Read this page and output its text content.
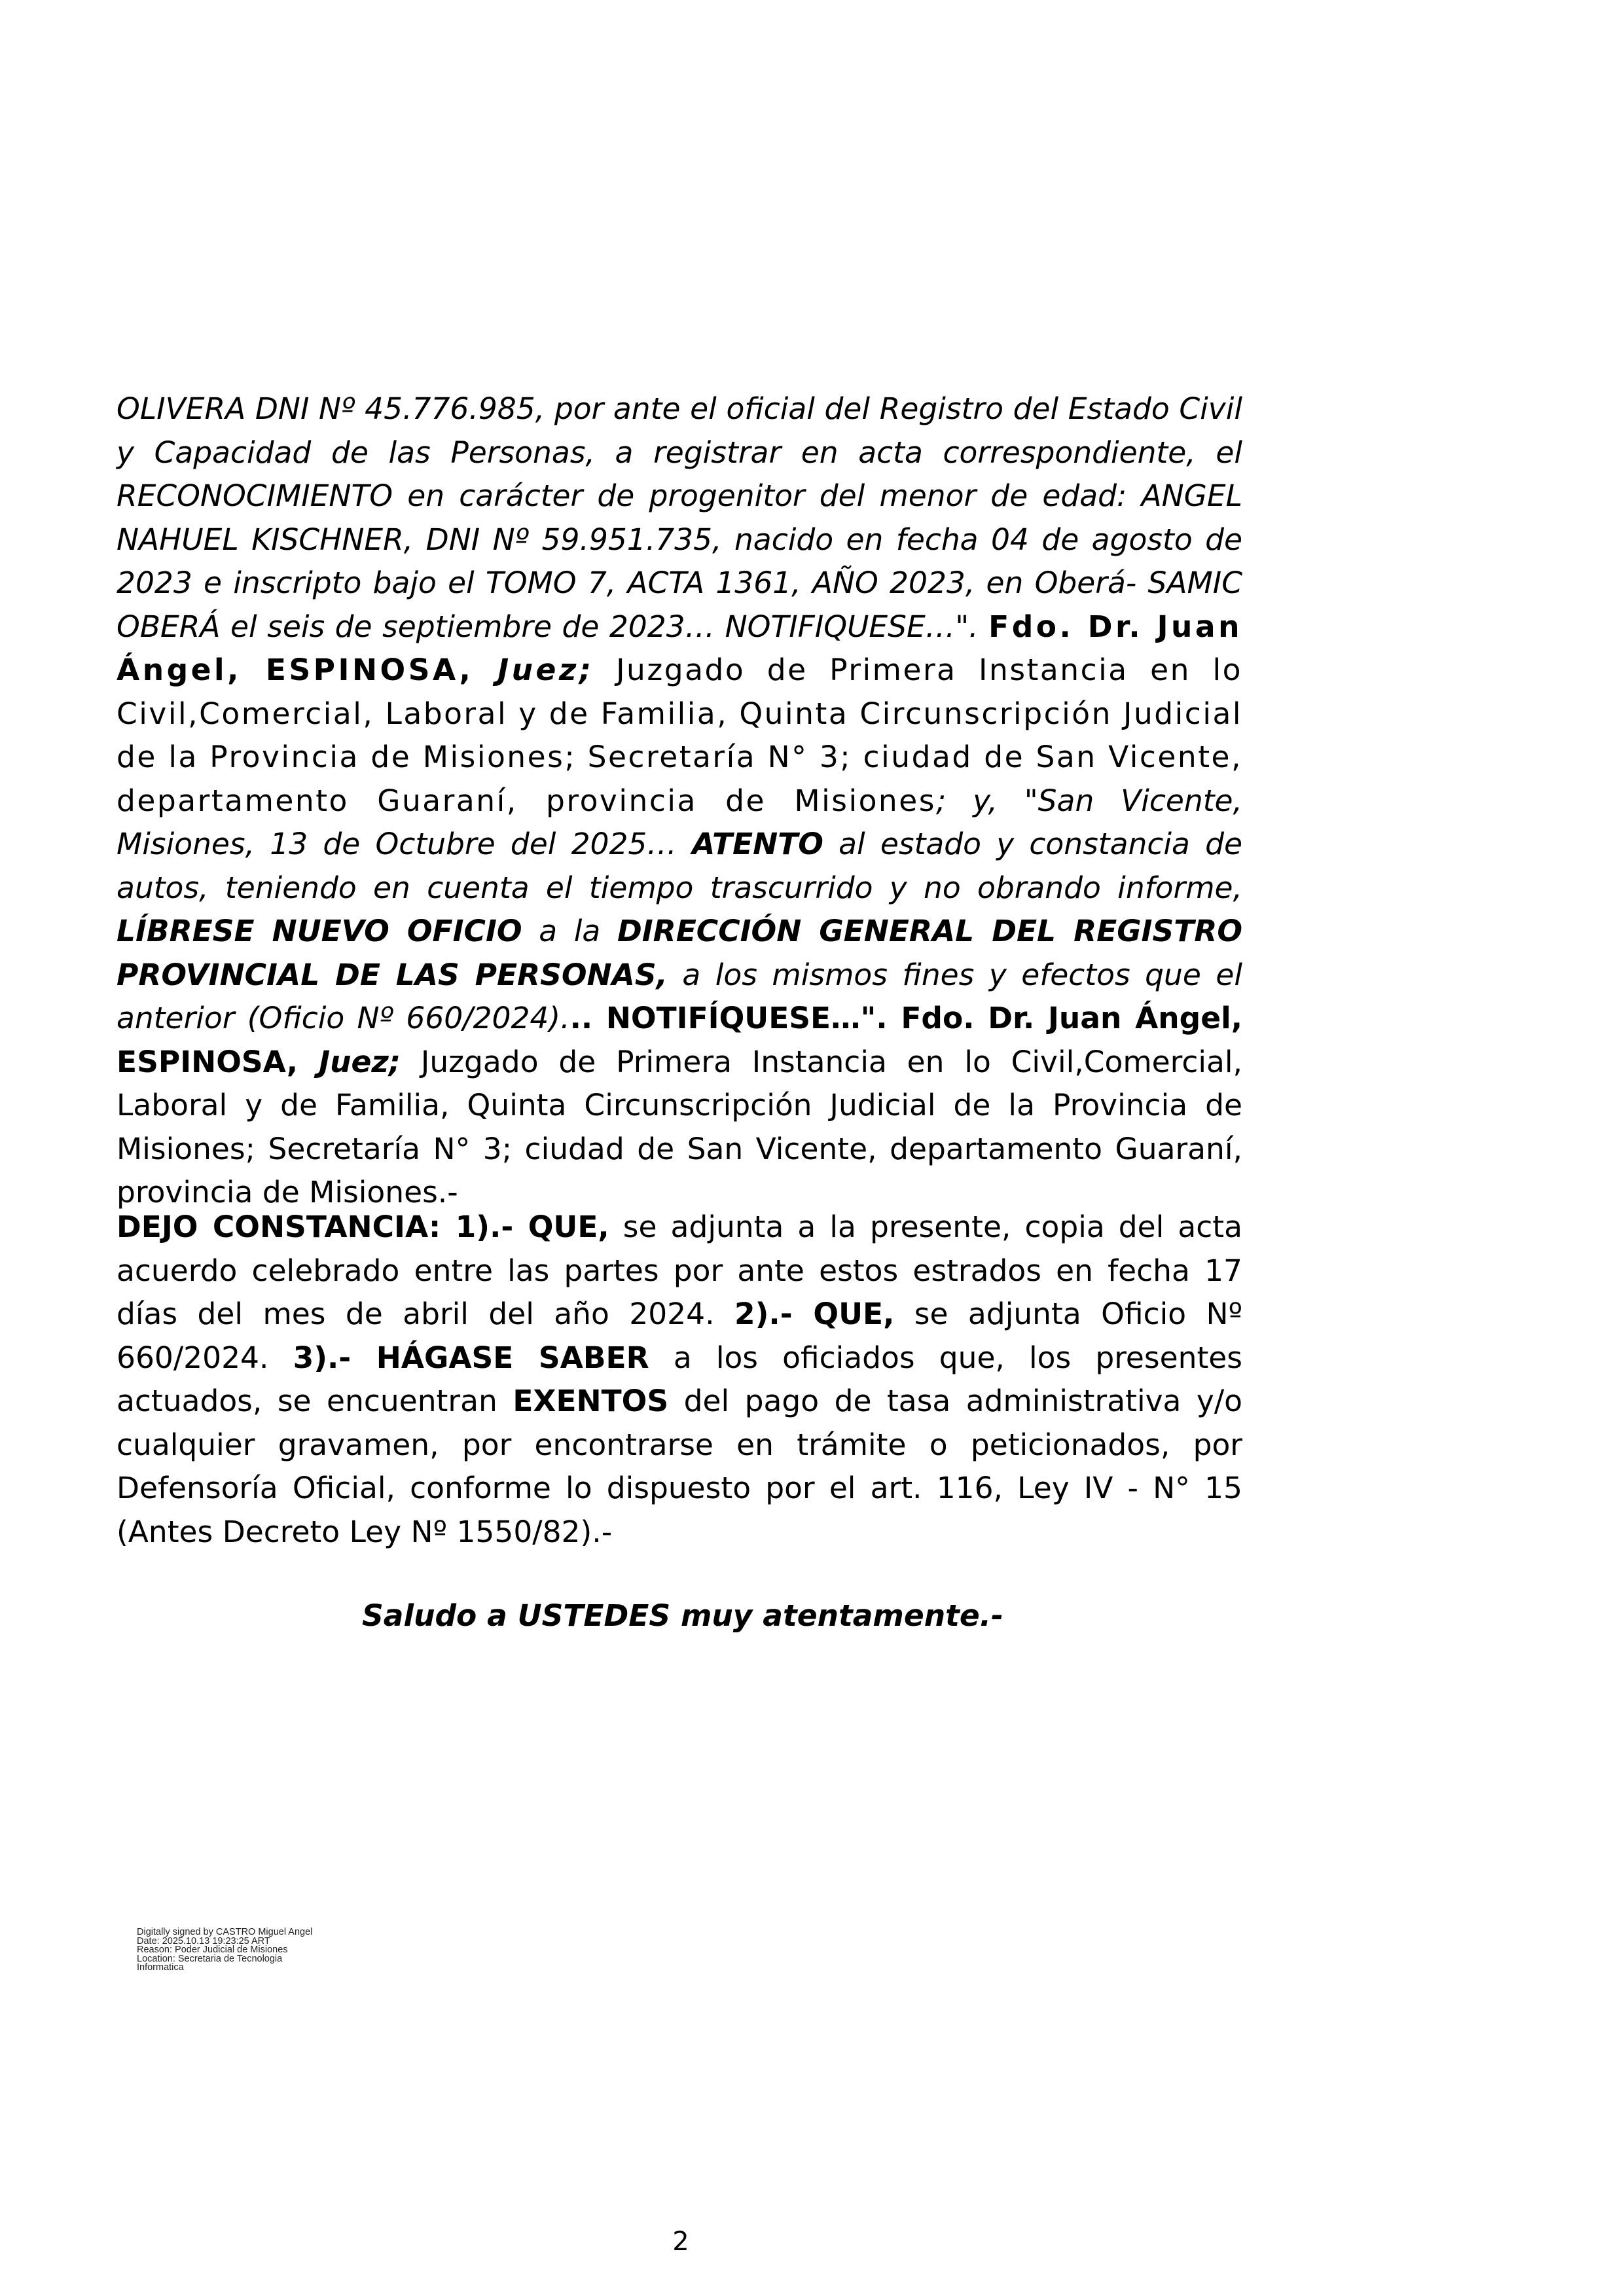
OLIVERA DNI Nº 45.776.985, por ante el oficial del Registro del Estado Civil y Capacidad de las Personas, a registrar en acta correspondiente, el RECONOCIMIENTO en carácter de progenitor del menor de edad: ANGEL NAHUEL KISCHNER, DNI Nº 59.951.735, nacido en fecha 04 de agosto de 2023 e inscripto bajo el TOMO 7, ACTA 1361, AÑO 2023, en Oberá- SAMIC OBERÁ el seis de septiembre de 2023… NOTIFIQUESE…". Fdo. Dr. Juan Ángel, ESPINOSA, Juez; Juzgado de Primera Instancia en lo Civil,Comercial, Laboral y de Familia, Quinta Circunscripción Judicial de la Provincia de Misiones; Secretaría N° 3; ciudad de San Vicente, departamento Guaraní, provincia de Misiones; y, "San Vicente, Misiones, 13 de Octubre del 2025… ATENTO al estado y constancia de autos, teniendo en cuenta el tiempo trascurrido y no obrando informe, LÍBRESE NUEVO OFICIO a la DIRECCIÓN GENERAL DEL REGISTRO PROVINCIAL DE LAS PERSONAS, a los mismos fines y efectos que el anterior (Oficio Nº 660/2024)... NOTIFÍQUESE…". Fdo. Dr. Juan Ángel, ESPINOSA, Juez; Juzgado de Primera Instancia en lo Civil,Comercial, Laboral y de Familia, Quinta Circunscripción Judicial de la Provincia de Misiones; Secretaría N° 3; ciudad de San Vicente, departamento Guaraní, provincia de Misiones.-

DEJO CONSTANCIA: 1).- QUE, se adjunta a la presente, copia del acta acuerdo celebrado entre las partes por ante estos estrados en fecha 17 días del mes de abril del año 2024. 2).- QUE, se adjunta Oficio Nº 660/2024. 3).- HÁGASE SABER a los oficiados que, los presentes actuados, se encuentran EXENTOS del pago de tasa administrativa y/o cualquier gravamen, por encontrarse en trámite o peticionados, por Defensoría Oficial, conforme lo dispuesto por el art. 116, Ley IV - N° 15 (Antes Decreto Ley Nº 1550/82).-

Saludo a USTEDES muy atentamente.-

Digitally signed by CASTRO Miguel Angel
Date: 2025.10.13 19:23:25 ART
Reason: Poder Judicial de Misiones
Location: Secretaria de Tecnologia
Informatica
2
